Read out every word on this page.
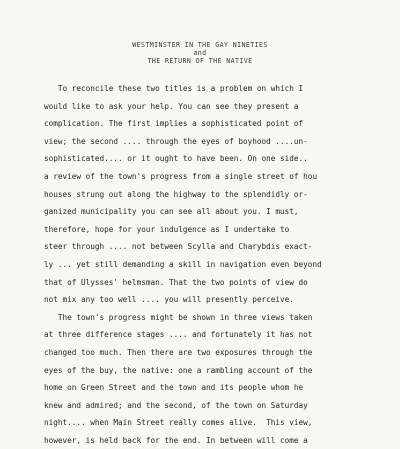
WESTMINSTER IN THE GAY NINETIES
and
THE RETURN OF THE NATIVE
To reconcile these two titles is a problem on which I
would like to ask your help. You can see they present a
complication. The first implies a sophisticated point of
view; the second .... through the eyes of boyhood ....un-
sophisticated.... or it ought to have been. On one side..
a review of the town's progress from a single street of hou
houses strung out along the highway to the splendidly or-
ganized municipality you can see all about you. I must,
therefore, hope for your indulgence as I undertake to
steer through .... not between Scylla and Charybdis exact-
ly ... yet still demanding a skill in navigation even beyond
that of Ulysses' helmsman. That the two points of view do
not mix any too well .... you will presently perceive.
The town's progress might be shown in three views taken
at three difference stages .... and fortunately it has not
changed too much. Then there are two exposures through the
eyes of the buy, the native: one a rambling account of the
home on Green Street and the town and its people whom he
knew and admired; and the second, of the town on Saturday
night.... when Main Street really comes alive.  This view,
however, is held back for the end. In between will come a
